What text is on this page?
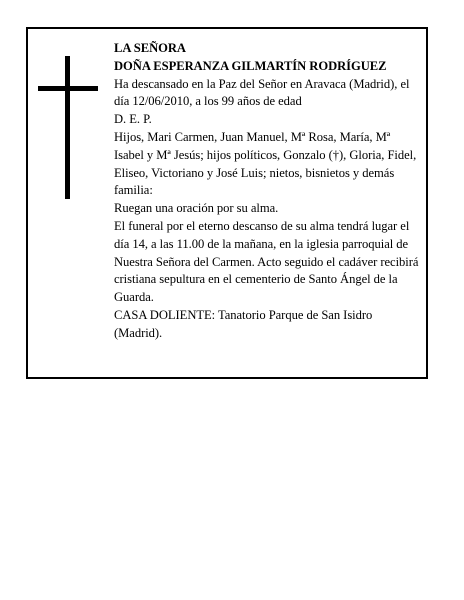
LA SEÑORA
DOÑA ESPERANZA GILMARTÍN RODRÍGUEZ
Ha descansado en la Paz del Señor en Aravaca (Madrid), el día 12/06/2010, a los 99 años de edad
D. E. P.
Hijos, Mari Carmen, Juan Manuel, Mª Rosa, María, Mª Isabel y Mª Jesús; hijos políticos, Gonzalo (†), Gloria, Fidel, Eliseo, Victoriano y José Luis; nietos, bisnietos y demás familia:
Ruegan una oración por su alma.
El funeral por el eterno descanso de su alma tendrá lugar el día 14, a las 11.00 de la mañana, en la iglesia parroquial de Nuestra Señora del Carmen. Acto seguido el cadáver recibirá cristiana sepultura en el cementerio de Santo Ángel de la Guarda.
CASA DOLIENTE: Tanatorio Parque de San Isidro (Madrid).
